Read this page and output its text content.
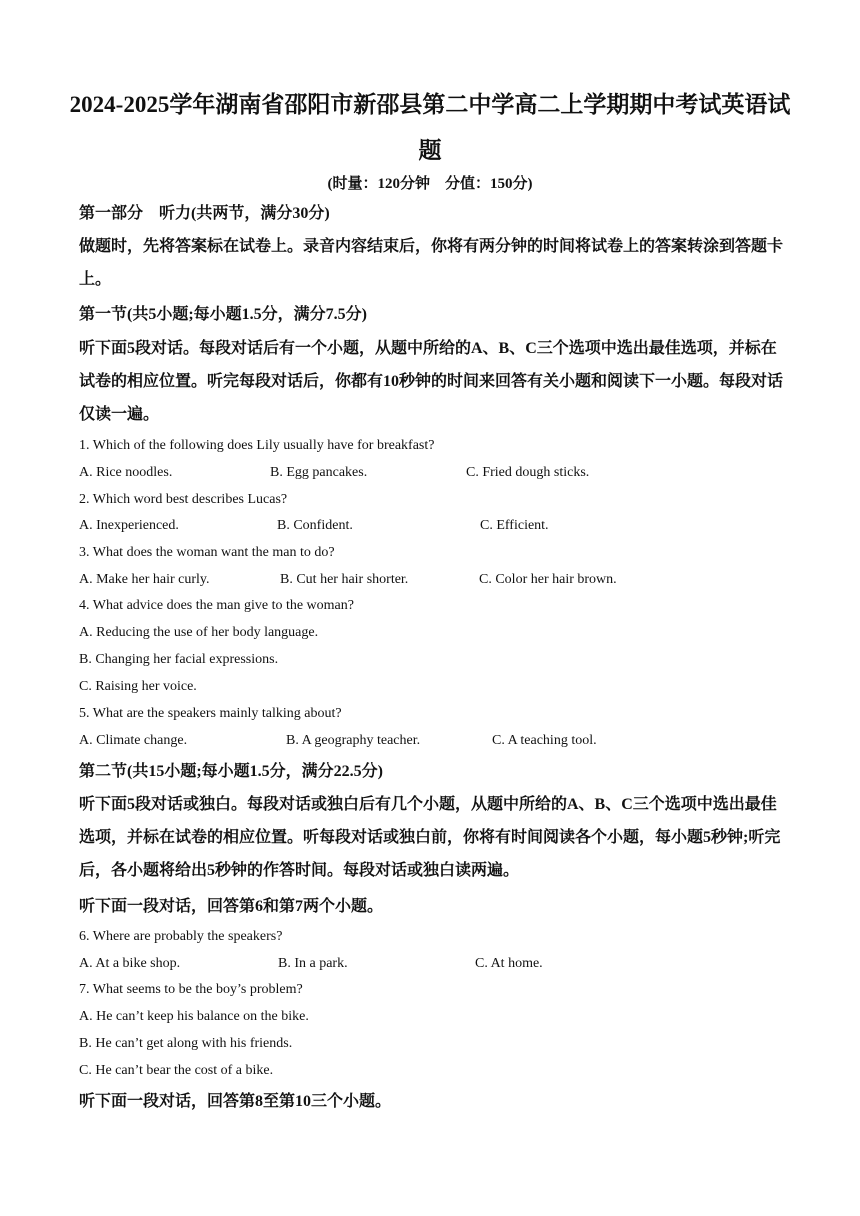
2024-2025学年湖南省邵阳市新邵县第二中学高二上学期期中考试英语试题
(时量：120分钟　分值：150分)
第一部分　听力(共两节，满分30分)
做题时，先将答案标在试卷上。录音内容结束后，你将有两分钟的时间将试卷上的答案转涂到答题卡上。
第一节(共5小题;每小题1.5分，满分7.5分)
听下面5段对话。每段对话后有一个小题，从题中所给的A、B、C三个选项中选出最佳选项，并标在试卷的相应位置。听完每段对话后，你都有10秒钟的时间来回答有关小题和阅读下一小题。每段对话仅读一遍。
1. Which of the following does Lily usually have for breakfast?
A. Rice noodles.	B. Egg pancakes.	C. Fried dough sticks.
2. Which word best describes Lucas?
A. Inexperienced.	B. Confident.	C. Efficient.
3. What does the woman want the man to do?
A. Make her hair curly.	B. Cut her hair shorter.	C. Color her hair brown.
4. What advice does the man give to the woman?
A. Reducing the use of her body language.
B. Changing her facial expressions.
C. Raising her voice.
5. What are the speakers mainly talking about?
A. Climate change.	B. A geography teacher.	C. A teaching tool.
第二节(共15小题;每小题1.5分，满分22.5分)
听下面5段对话或独白。每段对话或独白后有几个小题，从题中所给的A、B、C三个选项中选出最佳选项，并标在试卷的相应位置。听每段对话或独白前，你将有时间阅读各个小题，每小题5秒钟;听完后，各小题将给出5秒钟的作答时间。每段对话或独白读两遍。
听下面一段对话，回答第6和第7两个小题。
6. Where are probably the speakers?
A. At a bike shop.	B. In a park.	C. At home.
7. What seems to be the boy’s problem?
A. He can’t keep his balance on the bike.
B. He can’t get along with his friends.
C. He can’t bear the cost of a bike.
听下面一段对话，回答第8至第10三个小题。
